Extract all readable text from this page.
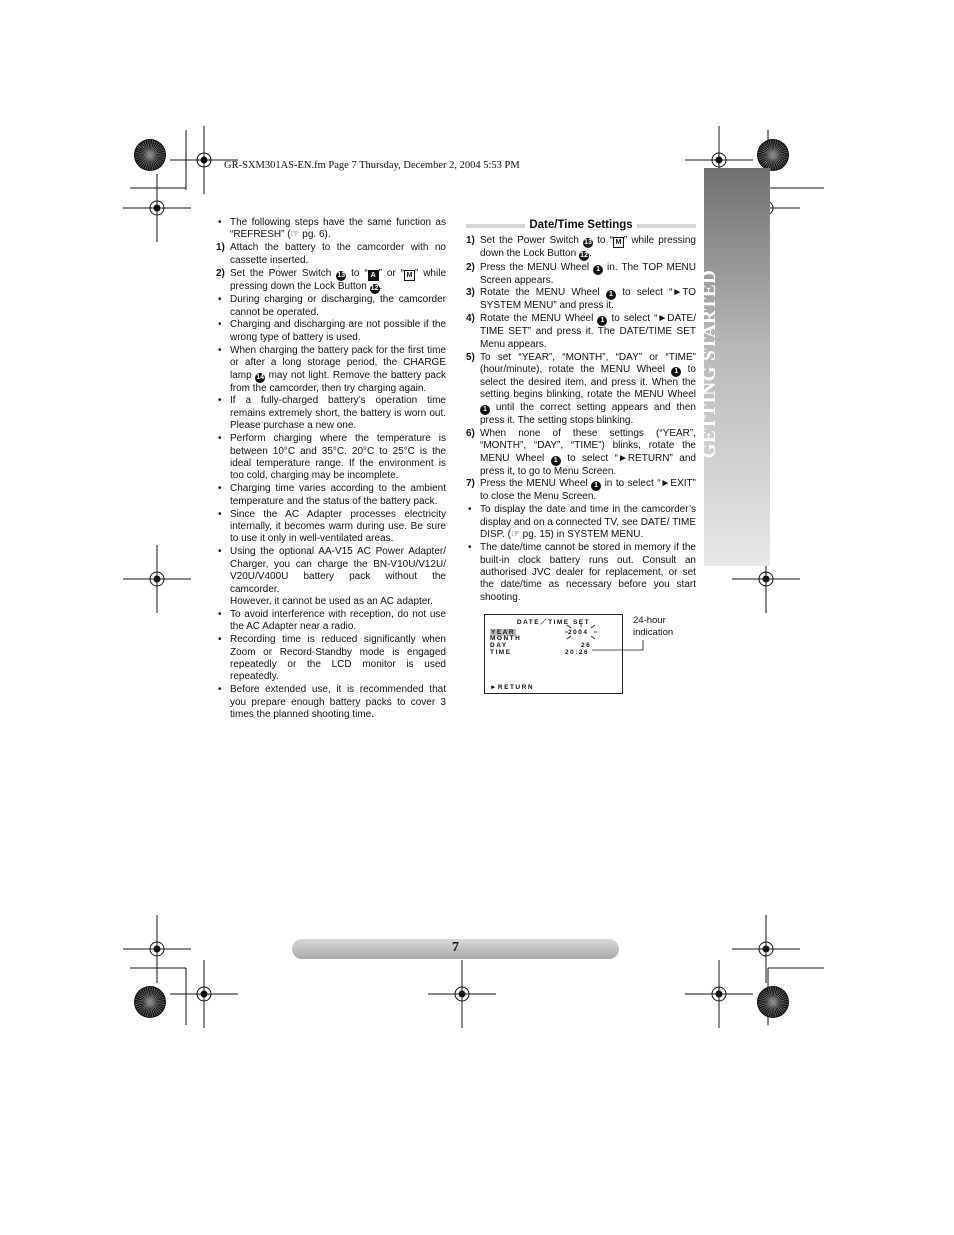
GR-SXM301AS-EN.fm Page 7 Thursday, December 2, 2004 5:53 PM
GETTING STARTED
• The following steps have the same function as “REFRESH” (☞ pg. 6).
1) Attach the battery to the camcorder with no cassette inserted.
2) Set the Power Switch 13 to “ A ” or “ M ” while pressing down the Lock Button 12.
• During charging or discharging, the camcorder cannot be operated.
• Charging and discharging are not possible if the wrong type of battery is used.
• When charging the battery pack for the first time or after a long storage period, the CHARGE lamp 14 may not light. Remove the battery pack from the camcorder, then try charging again.
• If a fully-charged battery’s operation time remains extremely short, the battery is worn out. Please purchase a new one.
• Perform charging where the temperature is between 10°C and 35°C. 20°C to 25°C is the ideal temperature range. If the environment is too cold, charging may be incomplete.
• Charging time varies according to the ambient temperature and the status of the battery pack.
• Since the AC Adapter processes electricity internally, it becomes warm during use. Be sure to use it only in well-ventilated areas.
• Using the optional AA-V15 AC Power Adapter/ Charger, you can charge the BN-V10U/V12U/ V20U/V400U battery pack without the camcorder.
However, it cannot be used as an AC adapter.
• To avoid interference with reception, do not use the AC Adapter near a radio.
• Recording time is reduced significantly when Zoom or Record-Standby mode is engaged repeatedly or the LCD monitor is used repeatedly.
• Before extended use, it is recommended that you prepare enough battery packs to cover 3 times the planned shooting time.
Date/Time Settings
1) Set the Power Switch 13 to “ M ” while pressing down the Lock Button 12.
2) Press the MENU Wheel 1 in. The TOP MENU Screen appears.
3) Rotate the MENU Wheel 1 to select “►TO SYSTEM MENU” and press it.
4) Rotate the MENU Wheel 1 to select “►DATE/ TIME SET” and press it. The DATE/TIME SET Menu appears.
5) To set “YEAR”, “MONTH”, “DAY” or “TIME” (hour/minute), rotate the MENU Wheel 1 to select the desired item, and press it. When the setting begins blinking, rotate the MENU Wheel 1 until the correct setting appears and then press it. The setting stops blinking.
6) When none of these settings (“YEAR”, “MONTH”, “DAY”, “TIME”) blinks, rotate the MENU Wheel 1 to select “►RETURN” and press it, to go to Menu Screen.
7) Press the MENU Wheel 1 in to select “►EXIT” to close the Menu Screen.
• To display the date and time in the camcorder’s display and on a connected TV, see DATE/ TIME DISP. (☞ pg. 15) in SYSTEM MENU.
• The date/time cannot be stored in memory if the built-in clock battery runs out. Consult an authorised JVC dealer for replacement, or set the date/time as necessary before you start shooting.
DATE／TIME SET
YEAR	2004
MONTH
DAY	26
TIME	20:26
►RETURN
24-hour
indication
7
